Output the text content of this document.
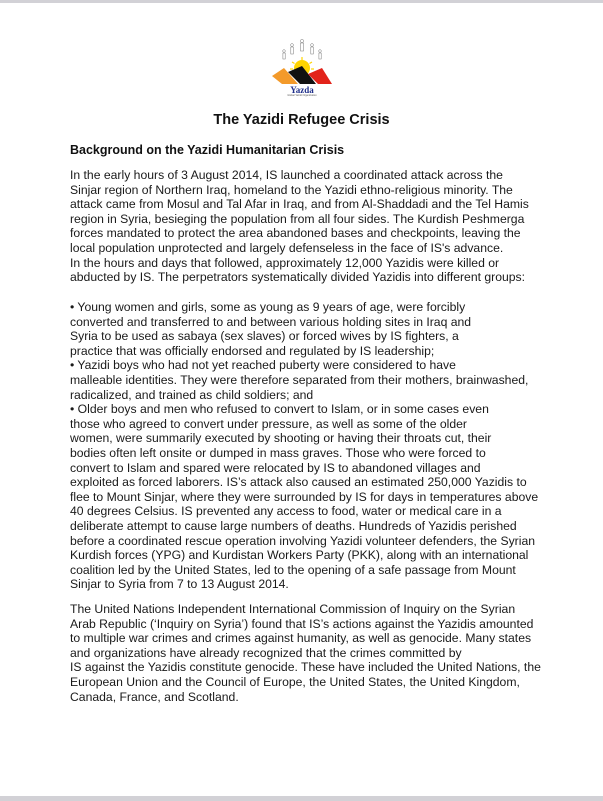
Yazda
Global Yazidi Organization
The Yazidi Refugee Crisis
Background on the Yazidi Humanitarian Crisis
In the early hours of 3 August 2014, IS launched a coordinated attack across the
Sinjar region of Northern Iraq, homeland to the Yazidi ethno-religious minority. The
attack came from Mosul and Tal Afar in Iraq, and from Al-Shaddadi and the Tel Hamis
region in Syria, besieging the population from all four sides. The Kurdish Peshmerga
forces mandated to protect the area abandoned bases and checkpoints, leaving the
local population unprotected and largely defenseless in the face of IS's advance.
In the hours and days that followed, approximately 12,000 Yazidis were killed or
abducted by IS. The perpetrators systematically divided Yazidis into different groups:
• Young women and girls, some as young as 9 years of age, were forcibly
converted and transferred to and between various holding sites in Iraq and
Syria to be used as sabaya (sex slaves) or forced wives by IS fighters, a
practice that was officially endorsed and regulated by IS leadership;
• Yazidi boys who had not yet reached puberty were considered to have
malleable identities. They were therefore separated from their mothers, brainwashed,
radicalized, and trained as child soldiers; and
• Older boys and men who refused to convert to Islam, or in some cases even
those who agreed to convert under pressure, as well as some of the older
women, were summarily executed by shooting or having their throats cut, their
bodies often left onsite or dumped in mass graves. Those who were forced to
convert to Islam and spared were relocated by IS to abandoned villages and
exploited as forced laborers. IS’s attack also caused an estimated 250,000 Yazidis to
flee to Mount Sinjar, where they were surrounded by IS for days in temperatures above
40 degrees Celsius. IS prevented any access to food, water or medical care in a
deliberate attempt to cause large numbers of deaths. Hundreds of Yazidis perished
before a coordinated rescue operation involving Yazidi volunteer defenders, the Syrian
Kurdish forces (YPG) and Kurdistan Workers Party (PKK), along with an international
coalition led by the United States, led to the opening of a safe passage from Mount
Sinjar to Syria from 7 to 13 August 2014.
The United Nations Independent International Commission of Inquiry on the Syrian
Arab Republic (‘Inquiry on Syria’) found that IS’s actions against the Yazidis amounted
to multiple war crimes and crimes against humanity, as well as genocide. Many states
and organizations have already recognized that the crimes committed by
IS against the Yazidis constitute genocide. These have included the United Nations, the
European Union and the Council of Europe, the United States, the United Kingdom,
Canada, France, and Scotland.
